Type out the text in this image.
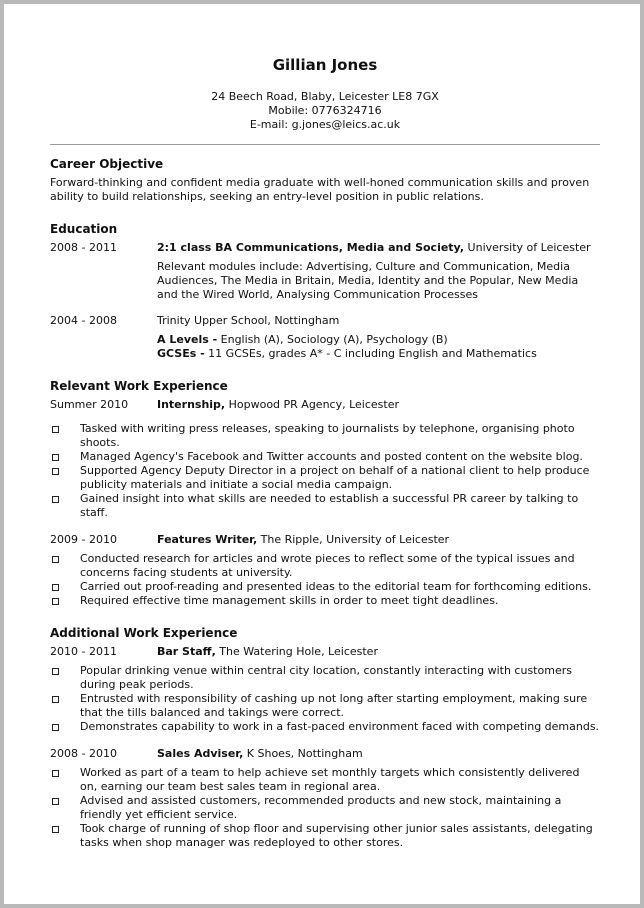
Gillian Jones
24 Beech Road, Blaby, Leicester LE8 7GX
Mobile: 0776324716
E-mail: g.jones@leics.ac.uk
Career Objective
Forward-thinking and confident media graduate with well-honed communication skills and proven ability to build relationships, seeking an entry-level position in public relations.
Education
2008 - 2011	2:1 class BA Communications, Media and Society, University of Leicester
Relevant modules include: Advertising, Culture and Communication, Media Audiences, The Media in Britain, Media, Identity and the Popular, New Media and the Wired World, Analysing Communication Processes
2004 - 2008	Trinity Upper School, Nottingham
A Levels - English (A), Sociology (A), Psychology (B)
GCSEs - 11 GCSEs, grades A* - C including English and Mathematics
Relevant Work Experience
Summer 2010	Internship, Hopwood PR Agency, Leicester
Tasked with writing press releases, speaking to journalists by telephone, organising photo shoots.
Managed Agency's Facebook and Twitter accounts and posted content on the website blog.
Supported Agency Deputy Director in a project on behalf of a national client to help produce publicity materials and initiate a social media campaign.
Gained insight into what skills are needed to establish a successful PR career by talking to staff.
2009 - 2010	Features Writer, The Ripple, University of Leicester
Conducted research for articles and wrote pieces to reflect some of the typical issues and concerns facing students at university.
Carried out proof-reading and presented ideas to the editorial team for forthcoming editions.
Required effective time management skills in order to meet tight deadlines.
Additional Work Experience
2010 - 2011	Bar Staff, The Watering Hole, Leicester
Popular drinking venue within central city location, constantly interacting with customers during peak periods.
Entrusted with responsibility of cashing up not long after starting employment, making sure that the tills balanced and takings were correct.
Demonstrates capability to work in a fast-paced environment faced with competing demands.
2008 - 2010	Sales Adviser, K Shoes, Nottingham
Worked as part of a team to help achieve set monthly targets which consistently delivered on, earning our team best sales team in regional area.
Advised and assisted customers, recommended products and new stock, maintaining a friendly yet efficient service.
Took charge of running of shop floor and supervising other junior sales assistants, delegating tasks when shop manager was redeployed to other stores.
